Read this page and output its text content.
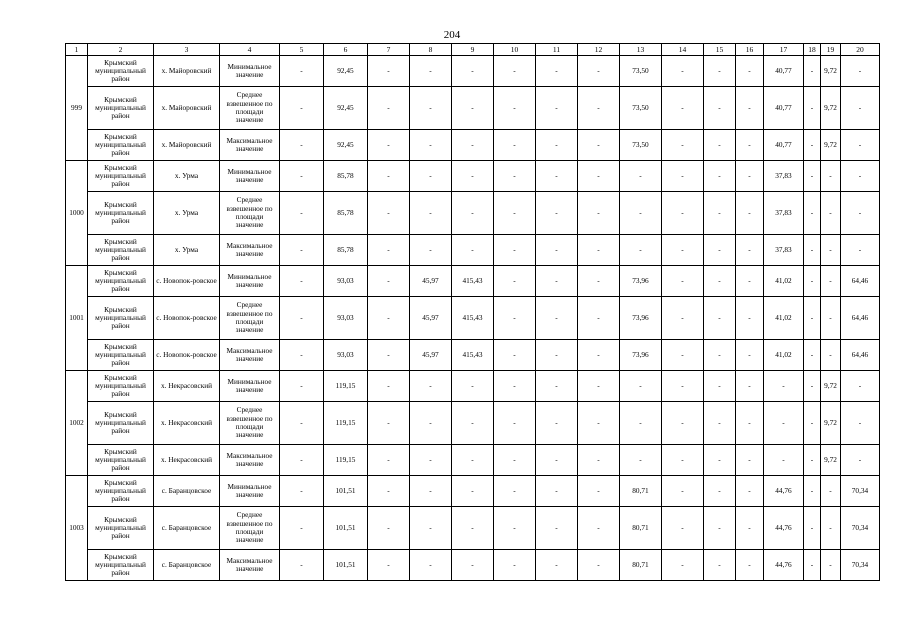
204
1	2	3	4	5	6	7	8	9	10	11	12	13	14	15	16	17	18	19	20
999	Крымский муниципальный район	х. Майоровский	Минимальное значение	-	92,45	-	-	-	-	-	-	73,50	-	-	-	40,77	-	9,72	-
	Крымский муниципальный район	х. Майоровский	Среднее взвешенное по площади значение	-	92,45	-	-	-	-	-	-	73,50	-	-	-	40,77	-	9,72	-
	Крымский муниципальный район	х. Майоровский	Максимальное значение	-	92,45	-	-	-	-	-	-	73,50	-	-	-	40,77	-	9,72	-
1000	Крымский муниципальный район	х. Урма	Минимальное значение	-	85,78	-	-	-	-	-	-	-	-	-	-	37,83	-	-	-
	Крымский муниципальный район	х. Урма	Среднее взвешенное по площади значение	-	85,78	-	-	-	-	-	-	-	-	-	-	37,83	-	-	-
	Крымский муниципальный район	х. Урма	Максимальное значение	-	85,78	-	-	-	-	-	-	-	-	-	-	37,83	-	-	-
1001	Крымский муниципальный район	с. Новопок-ровское	Минимальное значение	-	93,03	-	45,97	415,43	-	-	-	73,96	-	-	-	41,02	-	-	64,46
	Крымский муниципальный район	с. Новопок-ровское	Среднее взвешенное по площади значение	-	93,03	-	45,97	415,43	-	-	-	73,96	-	-	-	41,02	-	-	64,46
	Крымский муниципальный район	с. Новопок-ровское	Максимальное значение	-	93,03	-	45,97	415,43	-	-	-	73,96	-	-	-	41,02	-	-	64,46
1002	Крымский муниципальный район	х. Некрасовский	Минимальное значение	-	119,15	-	-	-	-	-	-	-	-	-	-	-	-	9,72	-
	Крымский муниципальный район	х. Некрасовский	Среднее взвешенное по площади значение	-	119,15	-	-	-	-	-	-	-	-	-	-	-	-	9,72	-
	Крымский муниципальный район	х. Некрасовский	Максимальное значение	-	119,15	-	-	-	-	-	-	-	-	-	-	-	-	9,72	-
1003	Крымский муниципальный район	с. Баранцовское	Минимальное значение	-	101,51	-	-	-	-	-	-	80,71	-	-	-	44,76	-	-	70,34
	Крымский муниципальный район	с. Баранцовское	Среднее взвешенное по площади значение	-	101,51	-	-	-	-	-	-	80,71	-	-	-	44,76	-	-	70,34
	Крымский муниципальный район	с. Баранцовское	Максимальное значение	-	101,51	-	-	-	-	-	-	80,71	-	-	-	44,76	-	-	70,34
